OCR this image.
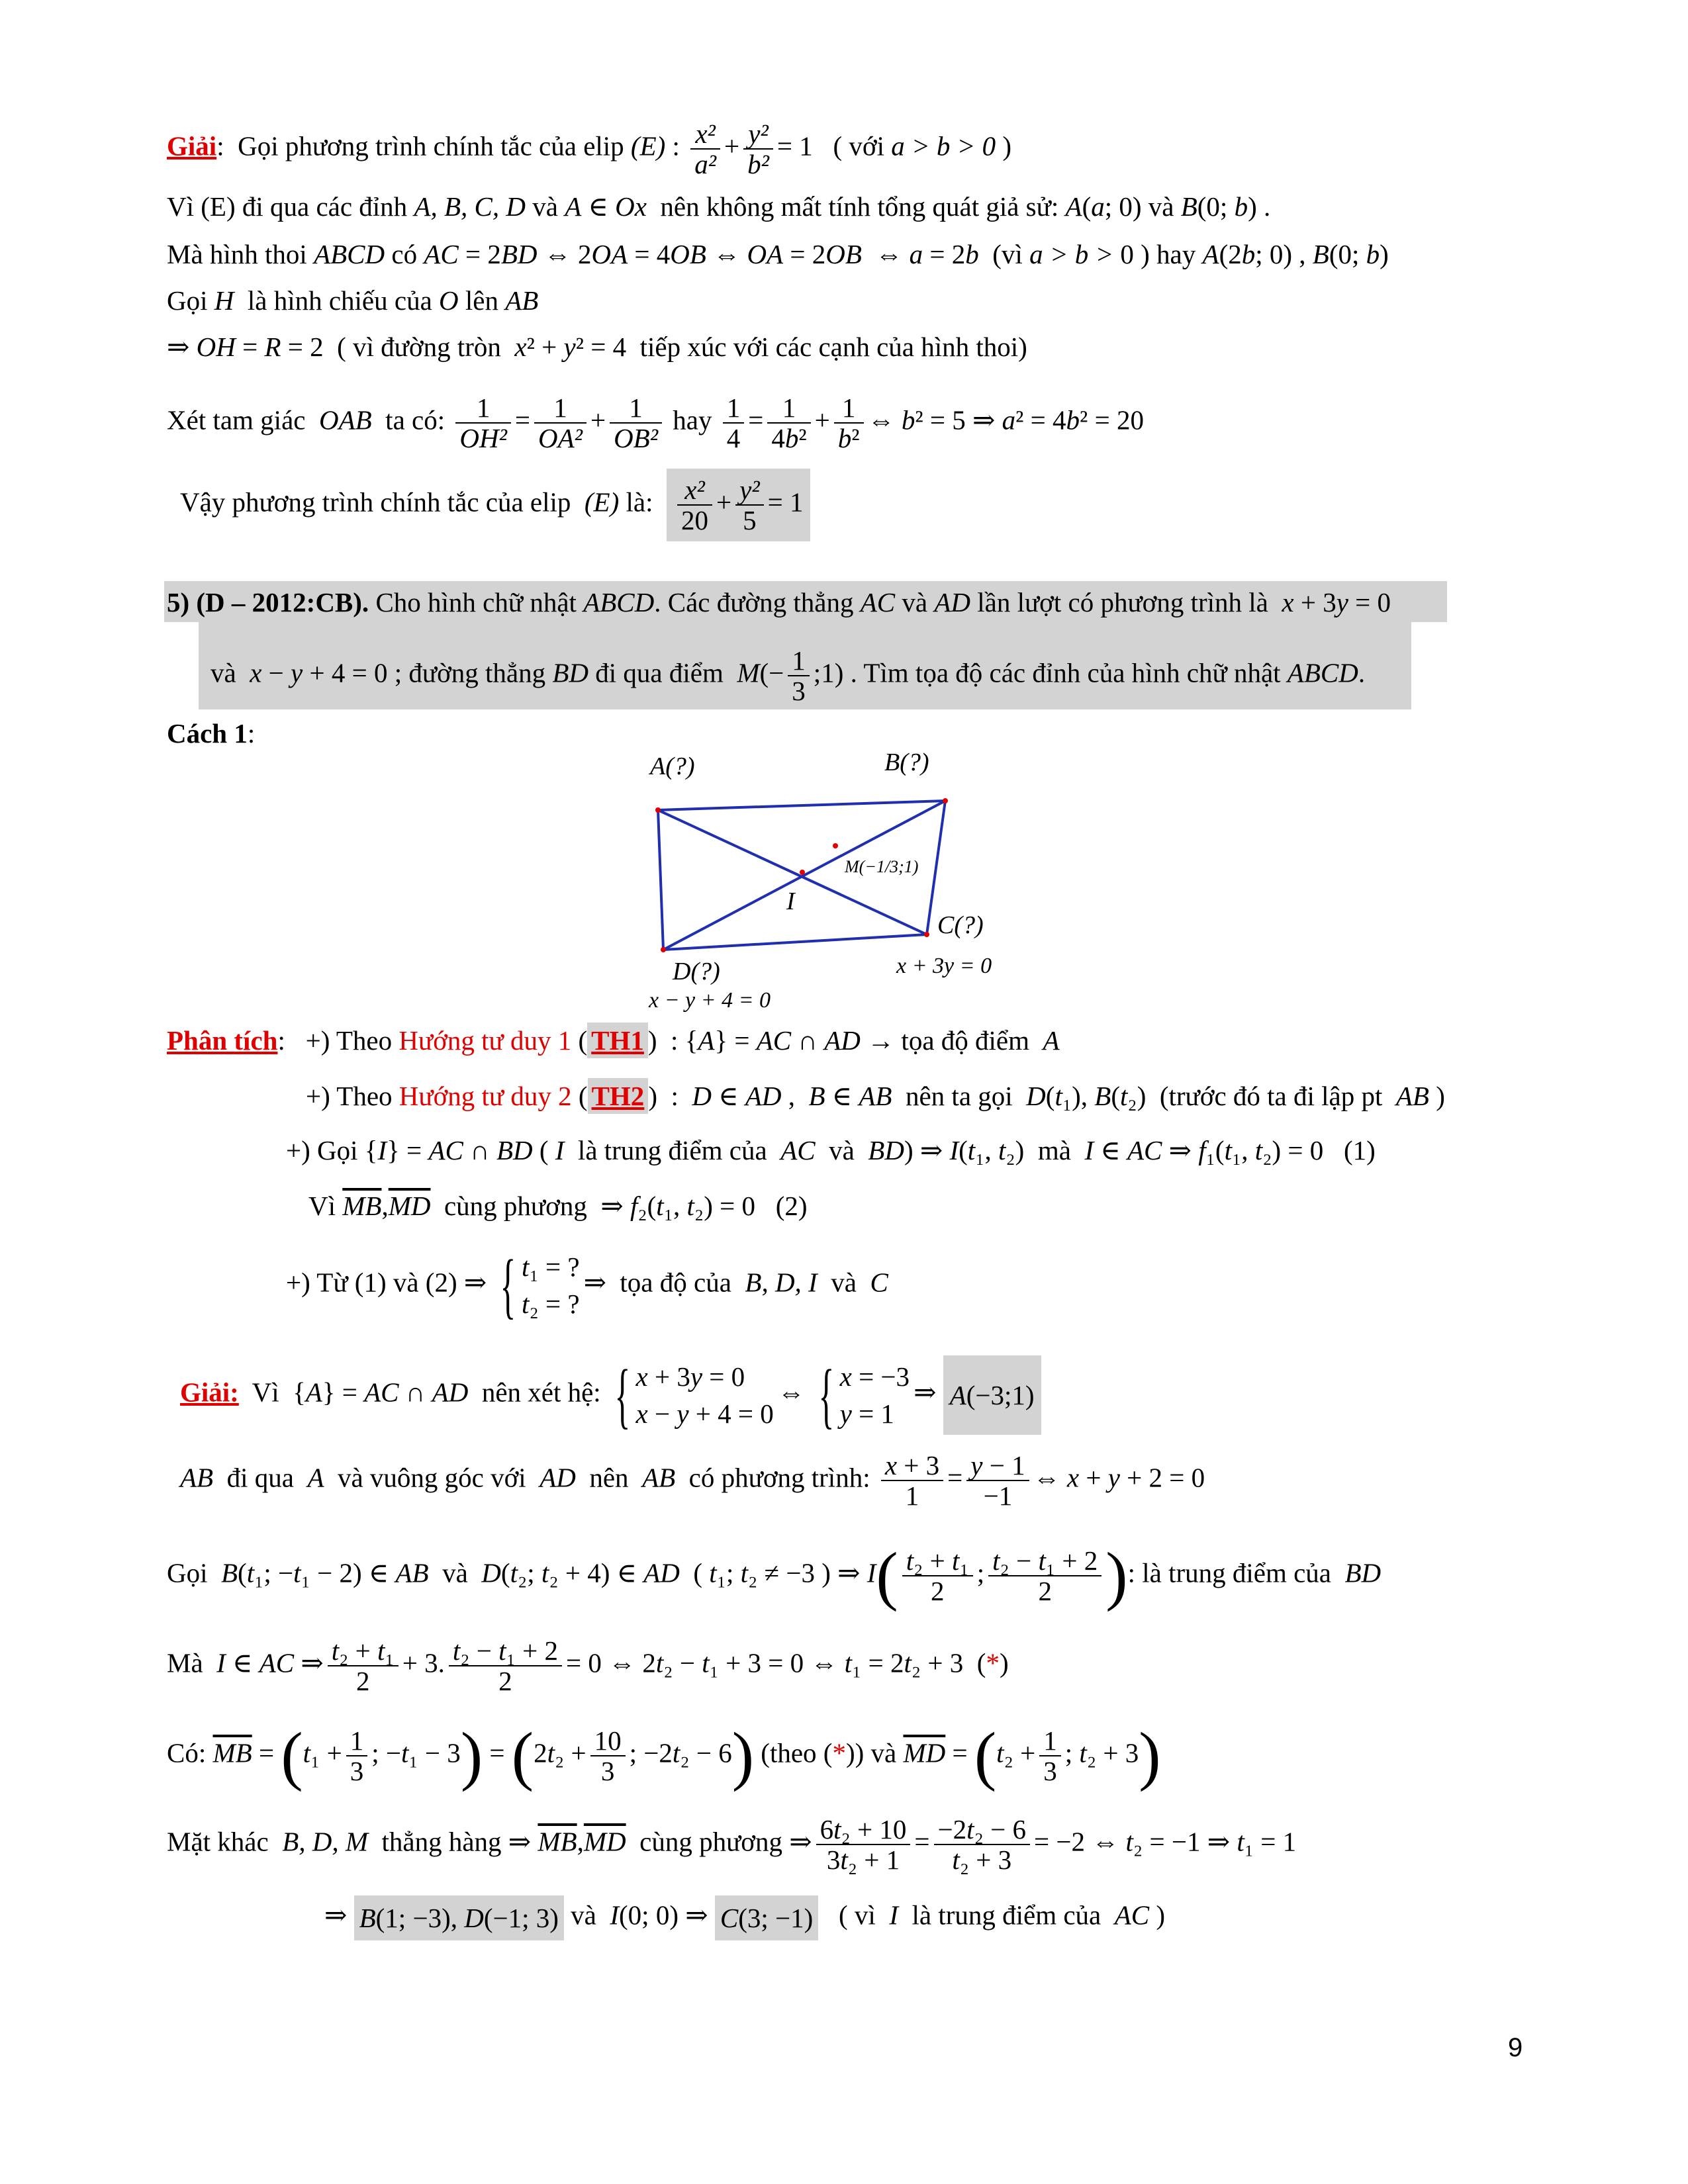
Giải:  Gọi phương trình chính tắc của elip (E) : $\frac{\text{x²}}{\text{a²}} + \frac{\text{y²}}{\text{b²}} = 1$   ( với a > b > 0 )
Vì (E) đi qua các đỉnh A, B, C, D và A ∈ Ox  nên không mất tính tổng quát giả sử: A(a; 0) và B(0; b) .
Mà hình thoi ABCD có AC = 2BD ⇔ 2OA = 4OB ⇔ OA = 2OB  ⇔ a = 2b  (vì a > b > 0 ) hay A(2b; 0) , B(0; b)
Gọi H  là hình chiếu của O lên AB
⇒ OH = R = 2  ( vì đường tròn  x² + y² = 4  tiếp xúc với các cạnh của hình thoi)
Xét tam giác  OAB  ta có: $\frac{1}{\text{OH²}} = \frac{1}{\text{OA²}} + \frac{1}{\text{OB²}}$ hay $\frac{1}{4} = \frac{1}{\text{4b²}} + \frac{1}{\text{b²}}$ ⇔ b² = 5 ⇒ a² = 4b² = 20
Vậy phương trình chính tắc của elip  (E) là: $\frac{\text{x²}}{20} + \frac{\text{y²}}{5} = 1$
5) (D – 2012:CB). Cho hình chữ nhật ABCD. Các đường thẳng AC và AD lần lượt có phương trình là  x + 3y = 0
và  x − y + 4 = 0 ; đường thẳng BD đi qua điểm  $M(- \frac{1}{3}$ ;1) . Tìm tọa độ các đỉnh của hình chữ nhật ABCD.
Cách 1:
A(?)	B(?)
C(?)
D(?)
I
M(−1/3;1)
x + 3y = 0
x − y + 4 = 0
Phân tích:   +) Theo Hướng tư duy 1 ( TH1 )  : {A} = AC ∩ AD → tọa độ điểm  A
+) Theo Hướng tư duy 2 ( TH2 )  :  D ∈ AD ,  B ∈ AB  nên ta gọi  D(t₁), B(t₂)  (trước đó ta đi lập pt  AB )
+) Gọi {I} = AC ∩ BD ( I  là trung điểm của  AC  và  BD) ⇒ I(t₁, t₂)  mà  I ∈ AC ⇒ f₁(t₁, t₂) = 0   (1)
Vì $\overline{MB},\overline{MD}$  cùng phương  ⇒ f₂(t₁, t₂) = 0   (2)
+) Từ (1) và (2) ⇒ { t₁ = ?
t₂ = ?
⇒  tọa độ của  B, D, I  và  C
Giải:  Vì  {A} = AC ∩ AD  nên xét hệ: { x + 3y = 0
x − y + 4 = 0
⇔ { x = −3
y = 1
⇒ A(−3;1)
AB  đi qua  A  và vuông góc với  AD  nên  AB  có phương trình: $\frac{x + 3}{1} = \frac{y - 1}{-1}$ ⇔ x + y + 2 = 0
Gọi  B(t₁; −t₁ − 2) ∈ AB  và  D(t₂; t₂ + 4) ∈ AD  ( t₁; t₂ ≠ −3 ) ⇒ $I( \frac{\text{t₂ + t₁}}{2}$ ; $\frac{\text{t₂ − t₁ + 2}}{2}$ ): là trung điểm của  BD
Mà  I ∈ AC ⇒ $\frac{\text{t₂ + t₁}}{2} + 3$. $\frac{\text{t₂ − t₁ + 2}}{2} = 0$ ⇔ 2t₂ − t₁ + 3 = 0 ⇔ t₁ = 2t₂ + 3  (*)
Có: $\overline{MB} = (t_1 + \frac{1}{3}$ ; $-t_1 - 3) = (2t_2 + \frac{10}{3}$ ; −2t₂ − 6) (theo (*)) và $\overline{MD} = (t_2 + \frac{1}{3}$ ; t₂ + 3)
Mặt khác  B, D, M  thẳng hàng ⇒ $\overline{MB},\overline{MD}$  cùng phương ⇒ $\frac{\text{6t₂ + 10}}{\text{3t₂ + 1}} = \frac{\text{−2t₂ − 6}}{\text{t₂ + 3}} = -2$ ⇔ t₂ = −1 ⇒ t₁ = 1
⇒ B(1; −3), D(−1; 3) và  I(0; 0) ⇒ C(3; −1)   ( vì  I  là trung điểm của  AC )
9
